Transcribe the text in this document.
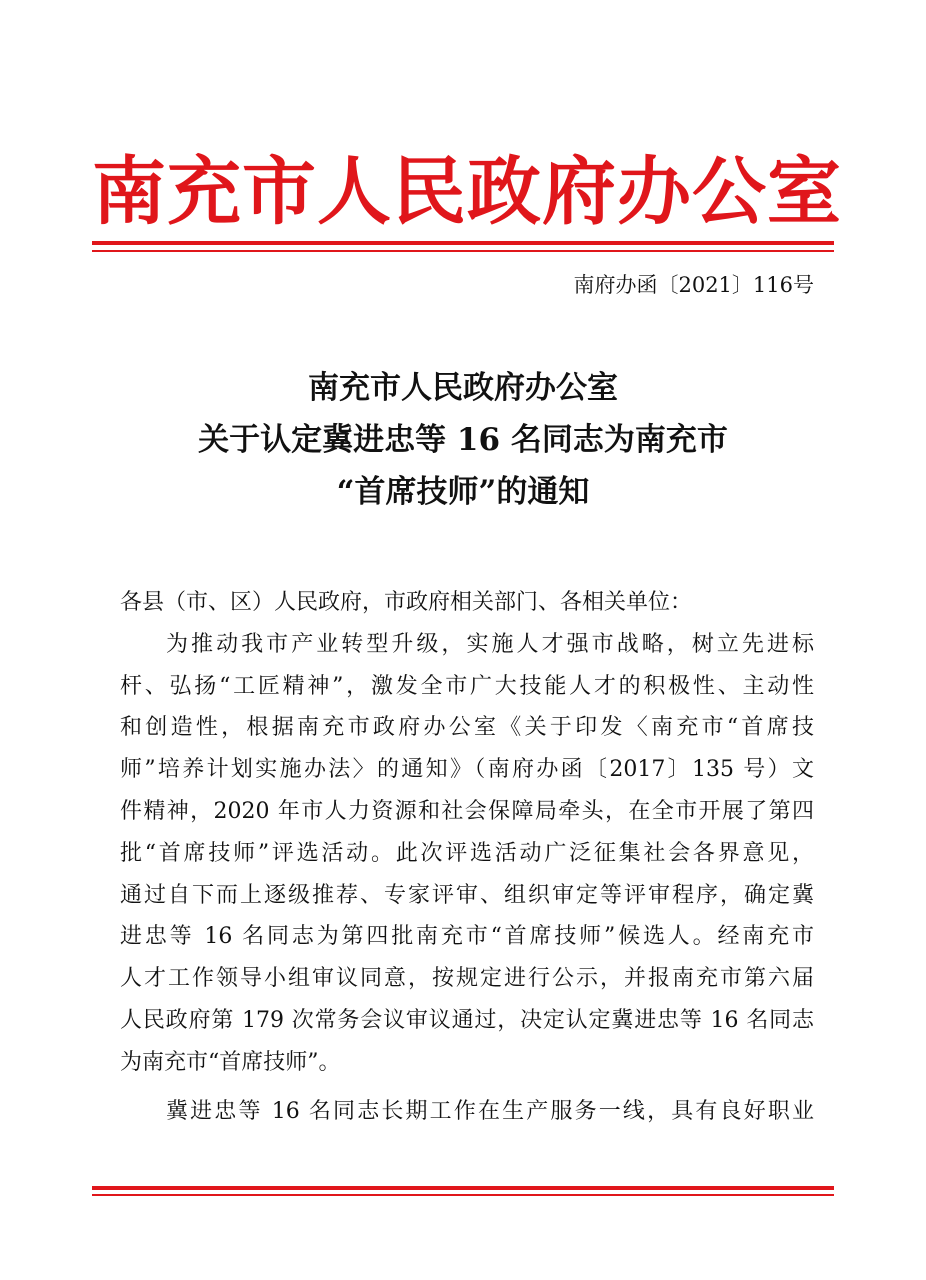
南充市人民政府办公室
南府办函〔2021〕116号
南充市人民政府办公室
关于认定冀进忠等 16 名同志为南充市
“首席技师”的通知
各县（市、区）人民政府，市政府相关部门、各相关单位：
为推动我市产业转型升级，实施人才强市战略，树立先进标
杆、弘扬“工匠精神”，激发全市广大技能人才的积极性、主动性
和创造性，根据南充市政府办公室《关于印发〈南充市“首席技
师”培养计划实施办法〉的通知》（南府办函〔2017〕135 号）文
件精神，2020 年市人力资源和社会保障局牵头，在全市开展了第四
批“首席技师”评选活动。此次评选活动广泛征集社会各界意见，
通过自下而上逐级推荐、专家评审、组织审定等评审程序，确定冀
进忠等 16 名同志为第四批南充市“首席技师”候选人。经南充市
人才工作领导小组审议同意，按规定进行公示，并报南充市第六届
人民政府第 179 次常务会议审议通过，决定认定冀进忠等 16 名同志
为南充市“首席技师”。
冀进忠等 16 名同志长期工作在生产服务一线，具有良好职业
